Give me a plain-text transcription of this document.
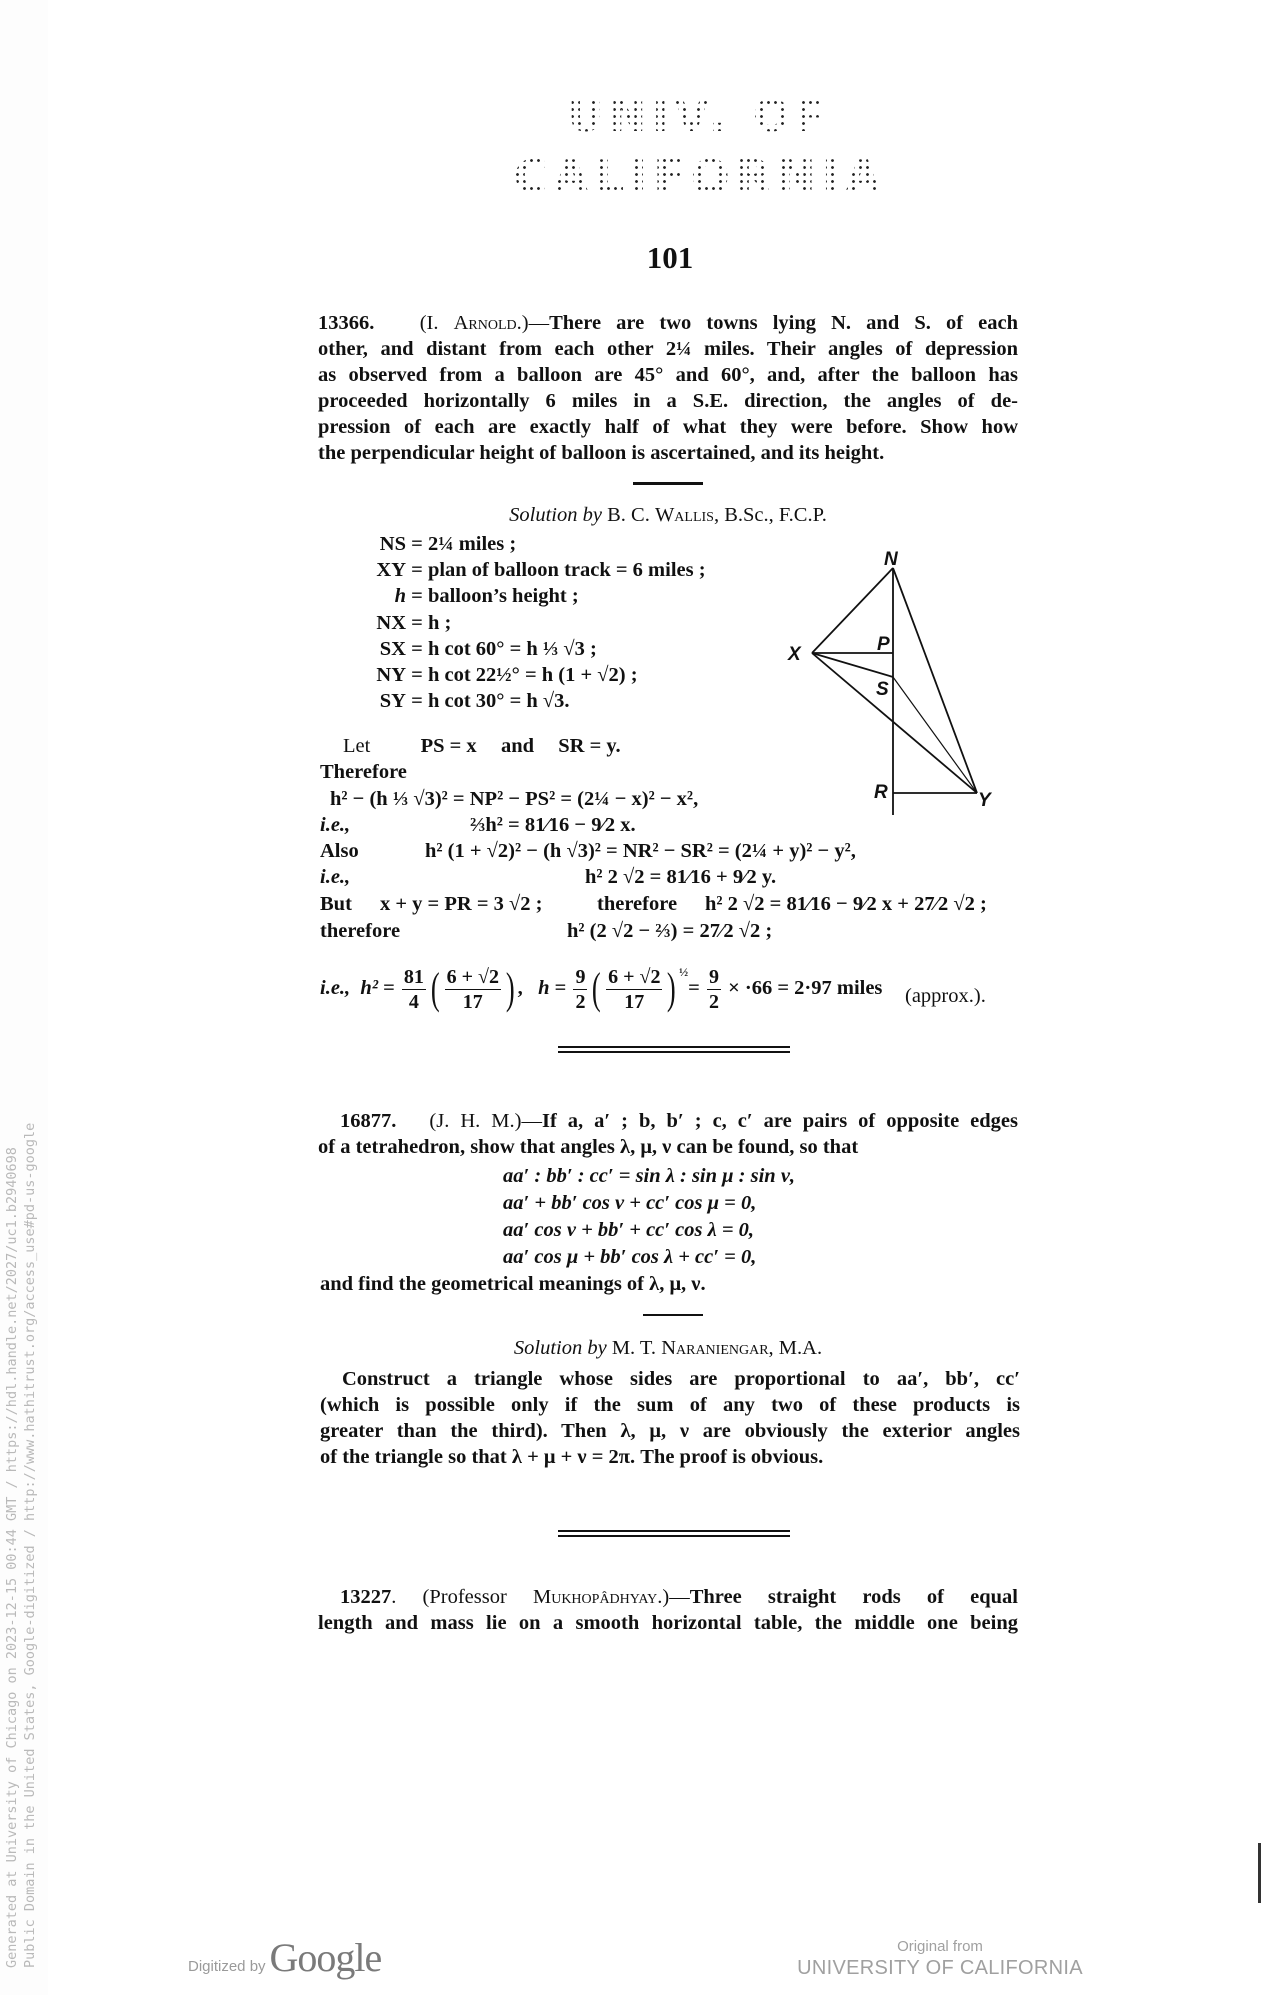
Generated at University of Chicago on 2023-12-15 00:44 GMT / https://hdl.handle.net/2027/uc1.b2940698 Public Domain in the United States, Google-digitized / http://www.hathitrust.org/access_use#pd-us-google
UNIV. OF
CALIFORNIA
101
13366. (I. Arnold.)—There are two towns lying N. and S. of each
other, and distant from each other 2¼ miles. Their angles of depression
as observed from a balloon are 45° and 60°, and, after the balloon has
proceeded horizontally 6 miles in a S.E. direction, the angles of de-
pression of each are exactly half of what they were before. Show how
the perpendicular height of balloon is ascertained, and its height.
Solution by B. C. Wallis, B.Sc., F.C.P.
NS = 2¼ miles ;
XY = plan of balloon track = 6 miles ;
h = balloon’s height ;
NX = h ;
SX = h cot 60° = h ⅓ √3 ;
NY = h cot 22½° = h (1 + √2) ;
SY = h cot 30° = h √3.
Let PS = x and SR = y.
Therefore
h² − (h ⅓ √3)² = NP² − PS² = (2¼ − x)² − x²,
i.e.,	⅔h² = 81⁄16 − 9⁄2 x.
Also	h² (1 + √2)² − (h √3)² = NR² − SR² = (2¼ + y)² − y²,
i.e.,	h² 2 √2 = 81⁄16 + 9⁄2 y.
But x + y = PR = 3 √2 ;	therefore h² 2 √2 = 81⁄16 − 9⁄2 x + 27⁄2 √2 ;
therefore	h² (2 √2 − ⅔) = 27⁄2 √2 ;
i.e., $h^2 = \frac{81}{4}$ ( $\frac{6 + √2}{17}$ ) ,   $h = \frac{9}{2}$ ( $\frac{6 + √2}{17}$ ) $^{\frac{1}{2}}= \frac{9}{2} \times \cdot 66 = 2\cdot 97$ miles (approx.).
N
X	P
S
R	Y
16877. (J. H. M.)—If a, a′ ; b, b′ ; c, c′ are pairs of opposite edges
of a tetrahedron, show that angles λ, μ, ν can be found, so that
aa′ : bb′ : cc′ = sin λ : sin μ : sin ν,
aa′ + bb′ cos ν + cc′ cos μ = 0,
aa′ cos ν + bb′ + cc′ cos λ = 0,
aa′ cos μ + bb′ cos λ + cc′ = 0,
and find the geometrical meanings of λ, μ, ν.
Solution by M. T. Naraniengar, M.A.
Construct a triangle whose sides are proportional to aa′, bb′, cc′
(which is possible only if the sum of any two of these products is
greater than the third). Then λ, μ, ν are obviously the exterior angles
of the triangle so that λ + μ + ν = 2π. The proof is obvious.
13227. (Professor Mukhopâdhyay.)—Three straight rods of equal
length and mass lie on a smooth horizontal table, the middle one being
Digitized by Google	Original from
UNIVERSITY OF CALIFORNIA
